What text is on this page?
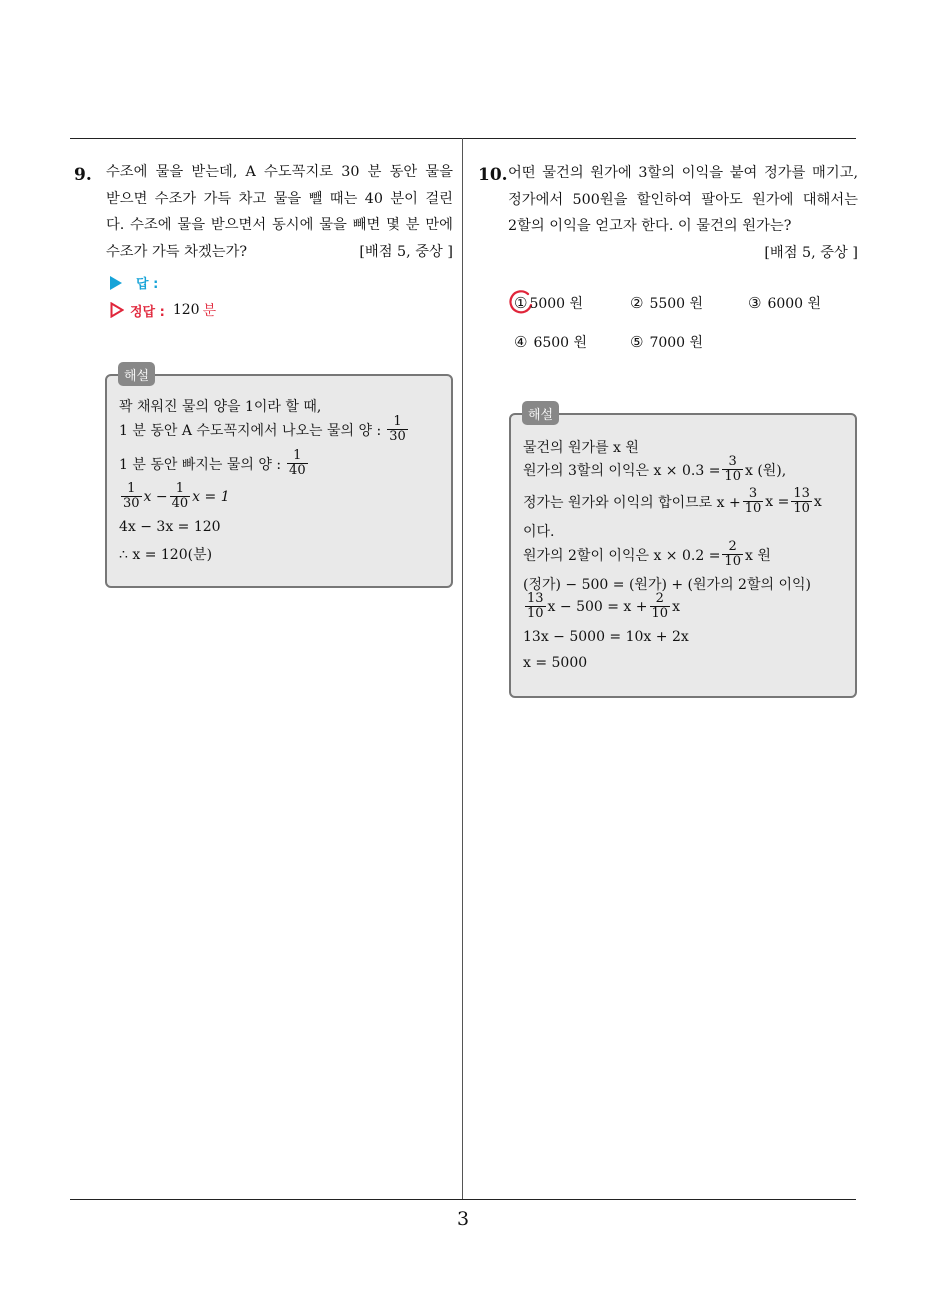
9. 수조에 물을 받는데, A 수도꼭지로 30 분 동안 물을
받으면 수조가 가득 차고 물을 뺄 때는 40 분이 걸린
다. 수조에 물을 받으면서 동시에 물을 빼면 몇 분 만에
수조가 가득 차겠는가?	[배점 5, 중상 ]
답 :
정답 : 120 분
해설
꽉 채워진 물의 양을 1이라 할 때,
1 분 동안 A 수도꼭지에서 나오는 물의 양 : $\frac{1}{30}$
1 분 동안 빠지는 물의 양 : $\frac{1}{40}$
$\frac{1}{30}$ $x - \frac{1}{40}$ x = 1
4x − 3x = 120
∴ x = 120(분)
10. 어떤 물건의 원가에 3할의 이익을 붙여 정가를 매기고,
정가에서 500원을 할인하여 팔아도 원가에 대해서는
2할의 이익을 얻고자 한다. 이 물건의 원가는?
[배점 5, 중상 ]
① 5000 원	② 5500 원	③ 6000 원
④ 6500 원	⑤ 7000 원
해설
물건의 원가를 x 원
원가의 3할의 이익은 $x \times 0.3 = \frac{3}{10}$ x (원),
정가는 원가와 이익의 합이므로 $x + \frac{3}{10}$ $x = \frac{13}{10}$ x
이다.
원가의 2할이 이익은 $x \times 0.2 = \frac{2}{10}$ x 원
(정가) − 500 = (원가) + (원가의 2할의 이익)
$\frac{13}{10}$ $x - 500 = x + \frac{2}{10}$ x
13x − 5000 = 10x + 2x
x = 5000
3
